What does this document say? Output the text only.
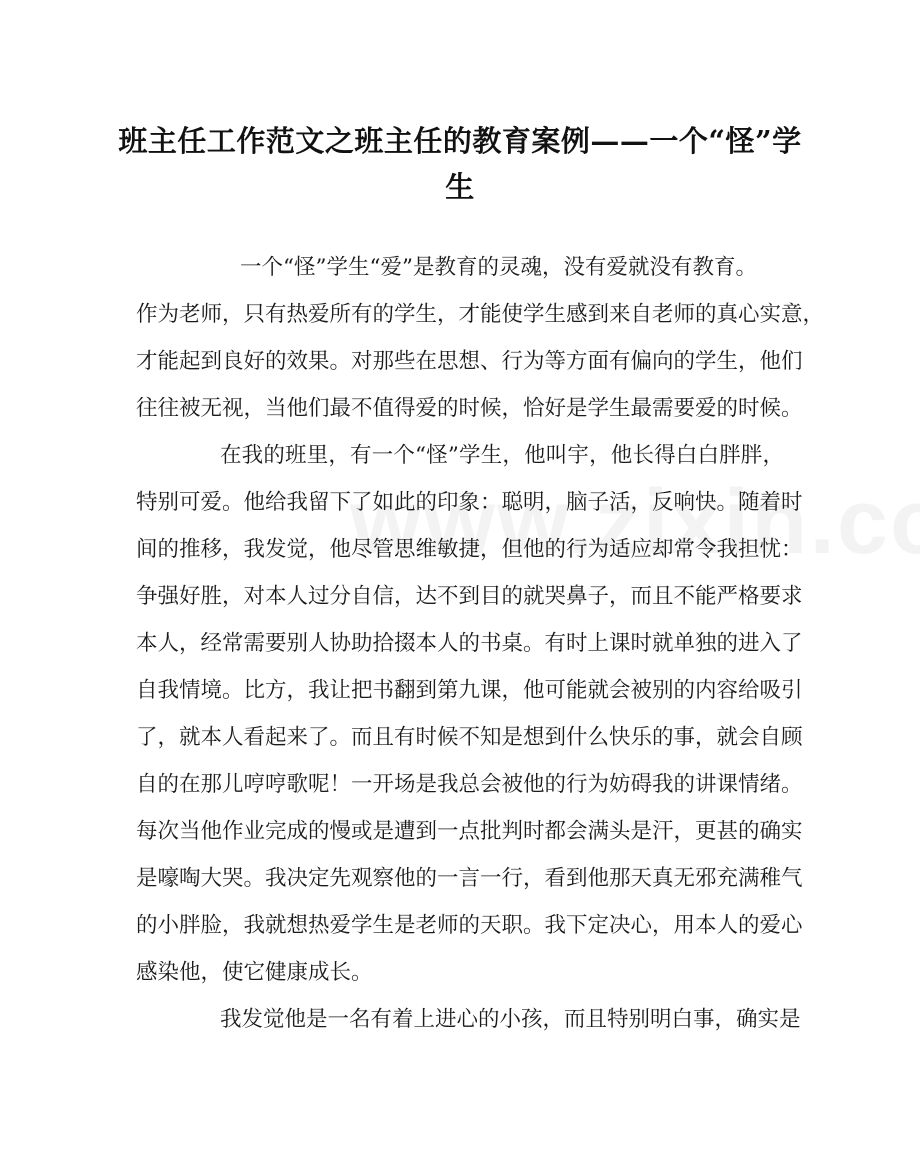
班主任工作范文之班主任的教育案例——一个“怪”学生
一个“怪”学生“爱”是教育的灵魂，没有爱就没有教育。
作为老师，只有热爱所有的学生，才能使学生感到来自老师的真心实意，
才能起到良好的效果。对那些在思想、行为等方面有偏向的学生，他们
往往被无视，当他们最不值得爱的时候，恰好是学生最需要爱的时候。
在我的班里，有一个“怪”学生，他叫宇，他长得白白胖胖，
特别可爱。他给我留下了如此的印象：聪明，脑子活，反响快。随着时
间的推移，我发觉，他尽管思维敏捷，但他的行为适应却常令我担忧：
争强好胜，对本人过分自信，达不到目的就哭鼻子，而且不能严格要求
本人，经常需要别人协助拾掇本人的书桌。有时上课时就单独的进入了
自我情境。比方，我让把书翻到第九课，他可能就会被别的内容给吸引
了，就本人看起来了。而且有时候不知是想到什么快乐的事，就会自顾
自的在那儿哼哼歌呢！一开场是我总会被他的行为妨碍我的讲课情绪。
每次当他作业完成的慢或是遭到一点批判时都会满头是汗，更甚的确实
是嚎啕大哭。我决定先观察他的一言一行，看到他那天真无邪充满稚气
的小胖脸，我就想热爱学生是老师的天职。我下定决心，用本人的爱心
感染他，使它健康成长。
我发觉他是一名有着上进心的小孩，而且特别明白事，确实是
